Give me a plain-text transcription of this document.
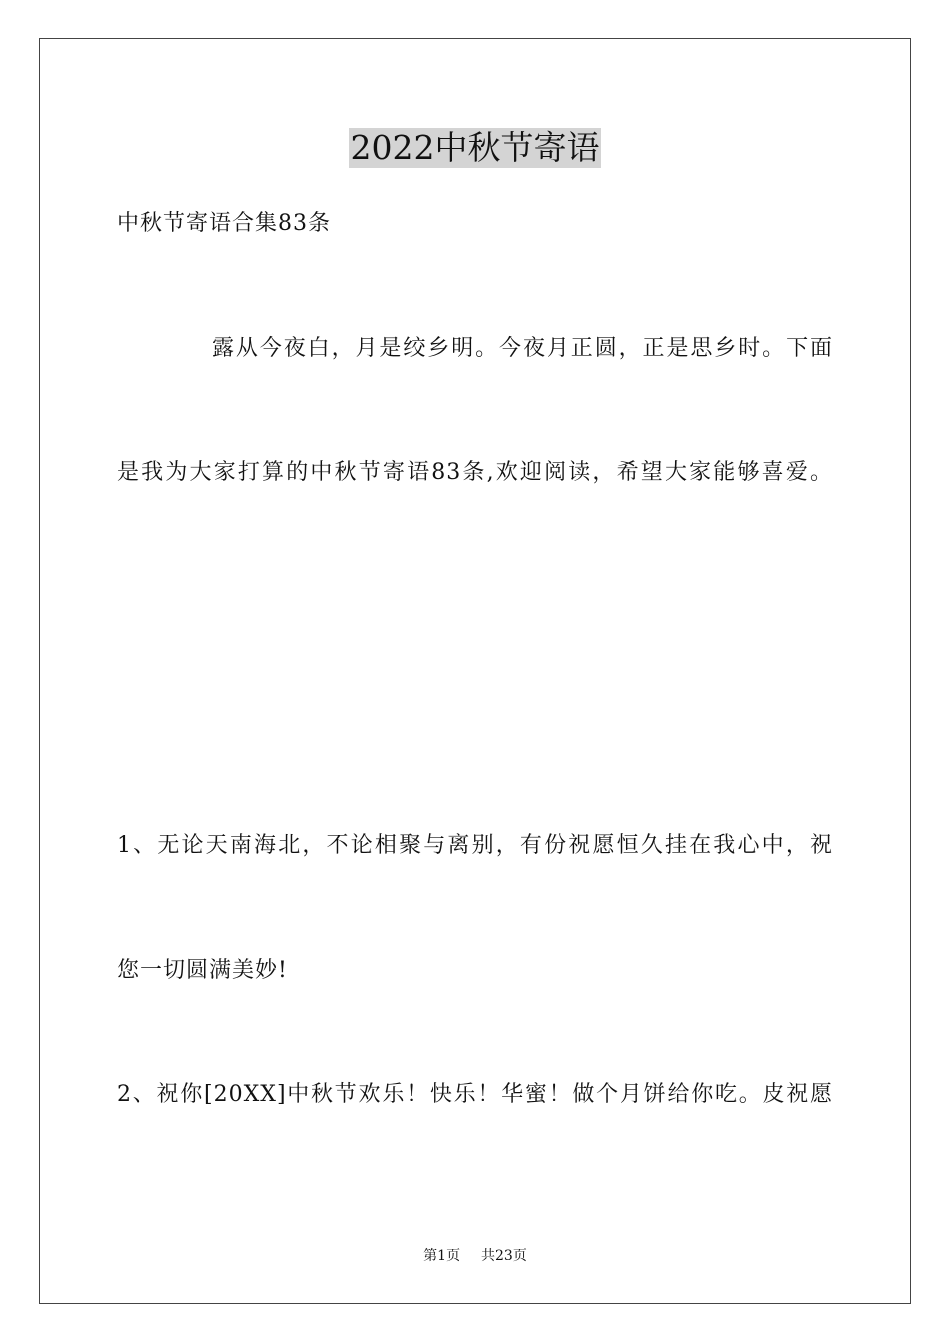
2022中秋节寄语
中秋节寄语合集83条
露从今夜白，月是绞乡明。今夜月正圆，正是思乡时。下面
是我为大家打算的中秋节寄语83条,欢迎阅读，希望大家能够喜爱。
1、无论天南海北，不论相聚与离别，有份祝愿恒久挂在我心中，祝
您一切圆满美妙!
2、祝你[20XX]中秋节欢乐！快乐！华蜜！做个月饼给你吃。皮祝愿
第1页 共23页
